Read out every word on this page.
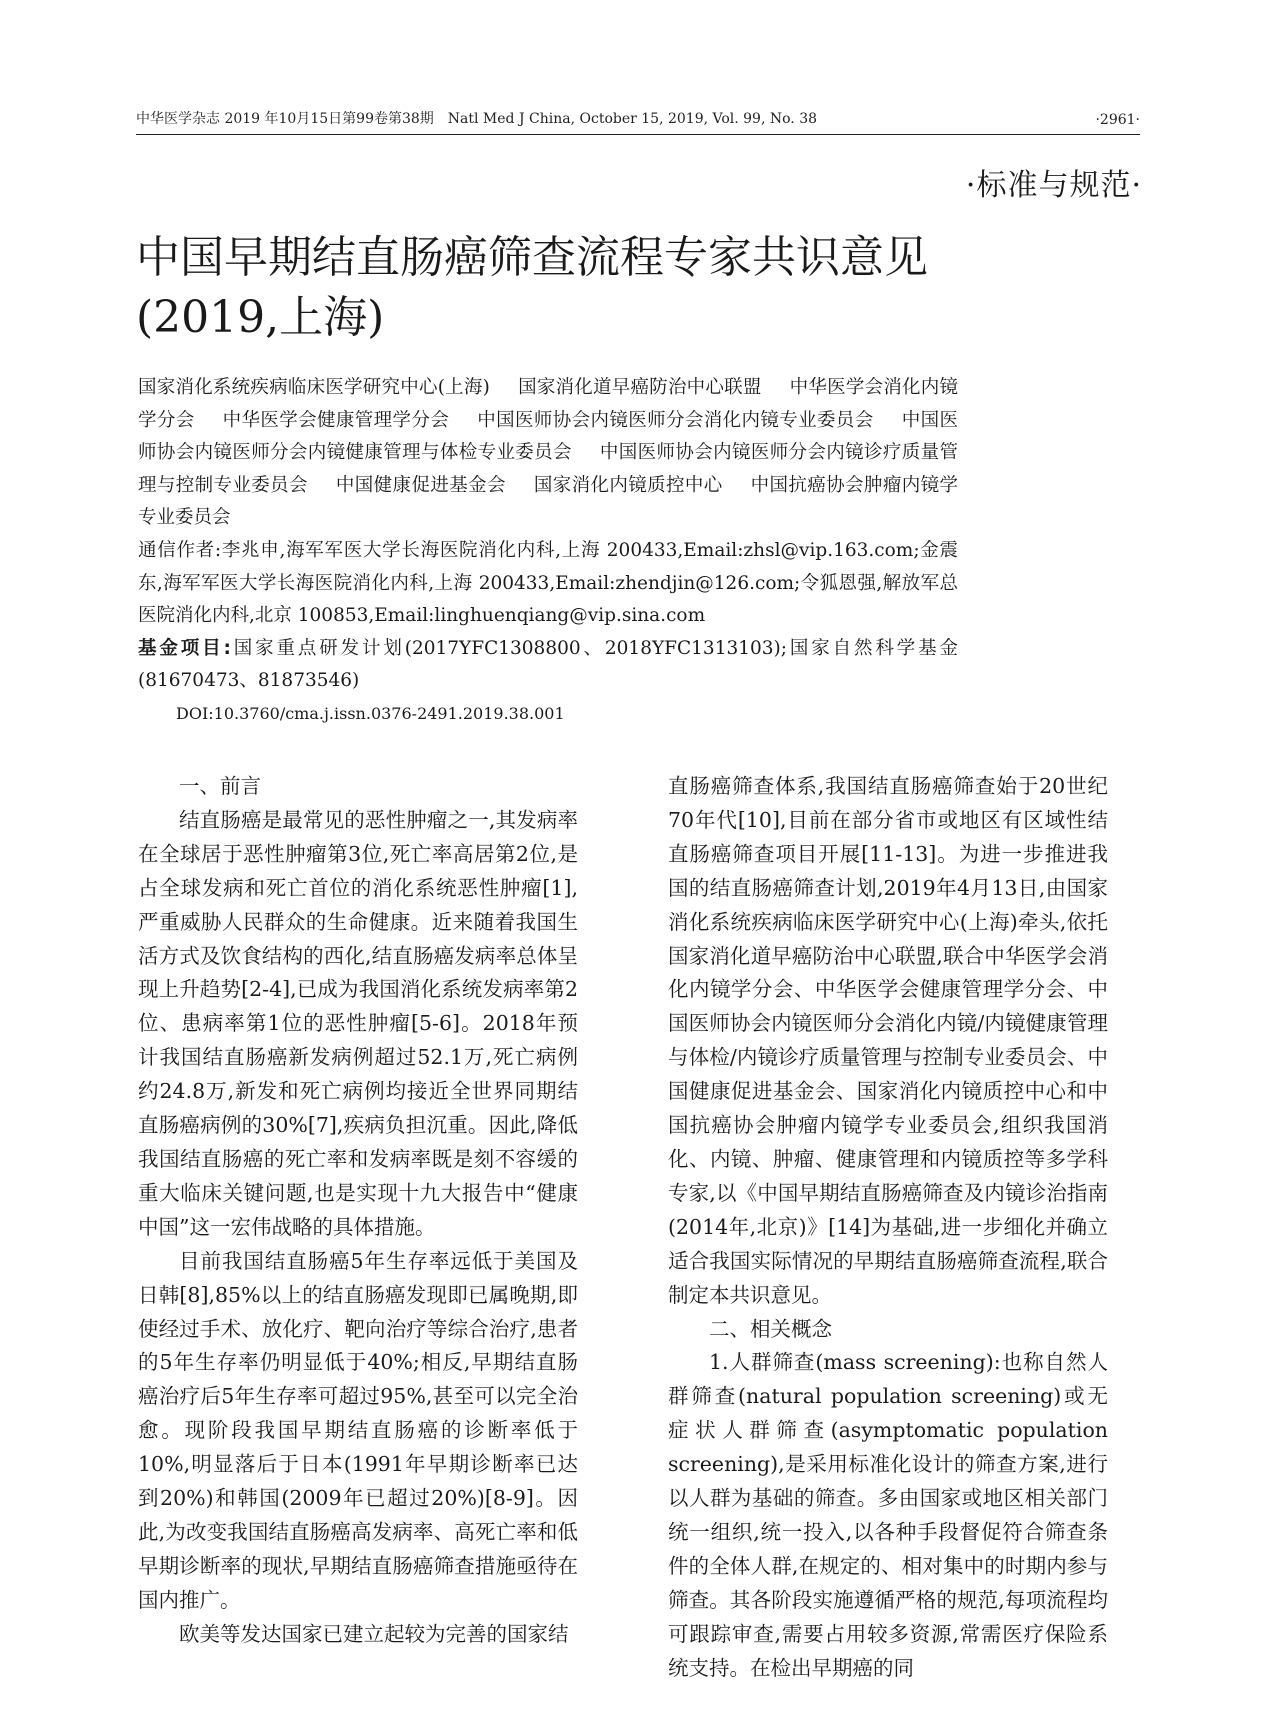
中华医学杂志 2019 年10月15日第99卷第38期　Natl Med J China, October 15, 2019, Vol. 99, No. 38	·2961·
·标准与规范·
中国早期结直肠癌筛查流程专家共识意见
(2019,上海)

国家消化系统疾病临床医学研究中心(上海) 国家消化道早癌防治中心联盟 中华医学会消化内镜学分会 中华医学会健康管理学分会 中国医师协会内镜医师分会消化内镜专业委员会 中国医师协会内镜医师分会内镜健康管理与体检专业委员会 中国医师协会内镜医师分会内镜诊疗质量管理与控制专业委员会 中国健康促进基金会 国家消化内镜质控中心 中国抗癌协会肿瘤内镜学专业委员会

通信作者:李兆申,海军军医大学长海医院消化内科,上海 200433,Email:zhsl@vip.163.com;金震东,海军军医大学长海医院消化内科,上海 200433,Email:zhendjin@126.com;令狐恩强,解放军总医院消化内科,北京 100853,Email:linghuenqiang@vip.sina.com

基金项目:国家重点研发计划(2017YFC1308800、2018YFC1313103);国家自然科学基金(81670473、81873546)

DOI:10.3760/cma.j.issn.0376-2491.2019.38.001

一、前言

结直肠癌是最常见的恶性肿瘤之一,其发病率在全球居于恶性肿瘤第3位,死亡率高居第2位,是占全球发病和死亡首位的消化系统恶性肿瘤[1],严重威胁人民群众的生命健康。近来随着我国生活方式及饮食结构的西化,结直肠癌发病率总体呈现上升趋势[2-4],已成为我国消化系统发病率第2位、患病率第1位的恶性肿瘤[5-6]。2018年预计我国结直肠癌新发病例超过52.1万,死亡病例约24.8万,新发和死亡病例均接近全世界同期结直肠癌病例的30%[7],疾病负担沉重。因此,降低我国结直肠癌的死亡率和发病率既是刻不容缓的重大临床关键问题,也是实现十九大报告中“健康中国”这一宏伟战略的具体措施。

目前我国结直肠癌5年生存率远低于美国及日韩[8],85%以上的结直肠癌发现即已属晚期,即使经过手术、放化疗、靶向治疗等综合治疗,患者的5年生存率仍明显低于40%;相反,早期结直肠癌治疗后5年生存率可超过95%,甚至可以完全治愈。现阶段我国早期结直肠癌的诊断率低于10%,明显落后于日本(1991年早期诊断率已达到20%)和韩国(2009年已超过20%)[8-9]。因此,为改变我国结直肠癌高发病率、高死亡率和低早期诊断率的现状,早期结直肠癌筛查措施亟待在国内推广。

欧美等发达国家已建立起较为完善的国家结

直肠癌筛查体系,我国结直肠癌筛查始于20世纪70年代[10],目前在部分省市或地区有区域性结直肠癌筛查项目开展[11-13]。为进一步推进我国的结直肠癌筛查计划,2019年4月13日,由国家消化系统疾病临床医学研究中心(上海)牵头,依托国家消化道早癌防治中心联盟,联合中华医学会消化内镜学分会、中华医学会健康管理学分会、中国医师协会内镜医师分会消化内镜/内镜健康管理与体检/内镜诊疗质量管理与控制专业委员会、中国健康促进基金会、国家消化内镜质控中心和中国抗癌协会肿瘤内镜学专业委员会,组织我国消化、内镜、肿瘤、健康管理和内镜质控等多学科专家,以《中国早期结直肠癌筛查及内镜诊治指南(2014年,北京)》[14]为基础,进一步细化并确立适合我国实际情况的早期结直肠癌筛查流程,联合制定本共识意见。

二、相关概念

1.人群筛查(mass screening):也称自然人群筛查(natural population screening)或无症状人群筛查(asymptomatic population screening),是采用标准化设计的筛查方案,进行以人群为基础的筛查。多由国家或地区相关部门统一组织,统一投入,以各种手段督促符合筛查条件的全体人群,在规定的、相对集中的时期内参与筛查。其各阶段实施遵循严格的规范,每项流程均可跟踪审查,需要占用较多资源,常需医疗保险系统支持。在检出早期癌的同
